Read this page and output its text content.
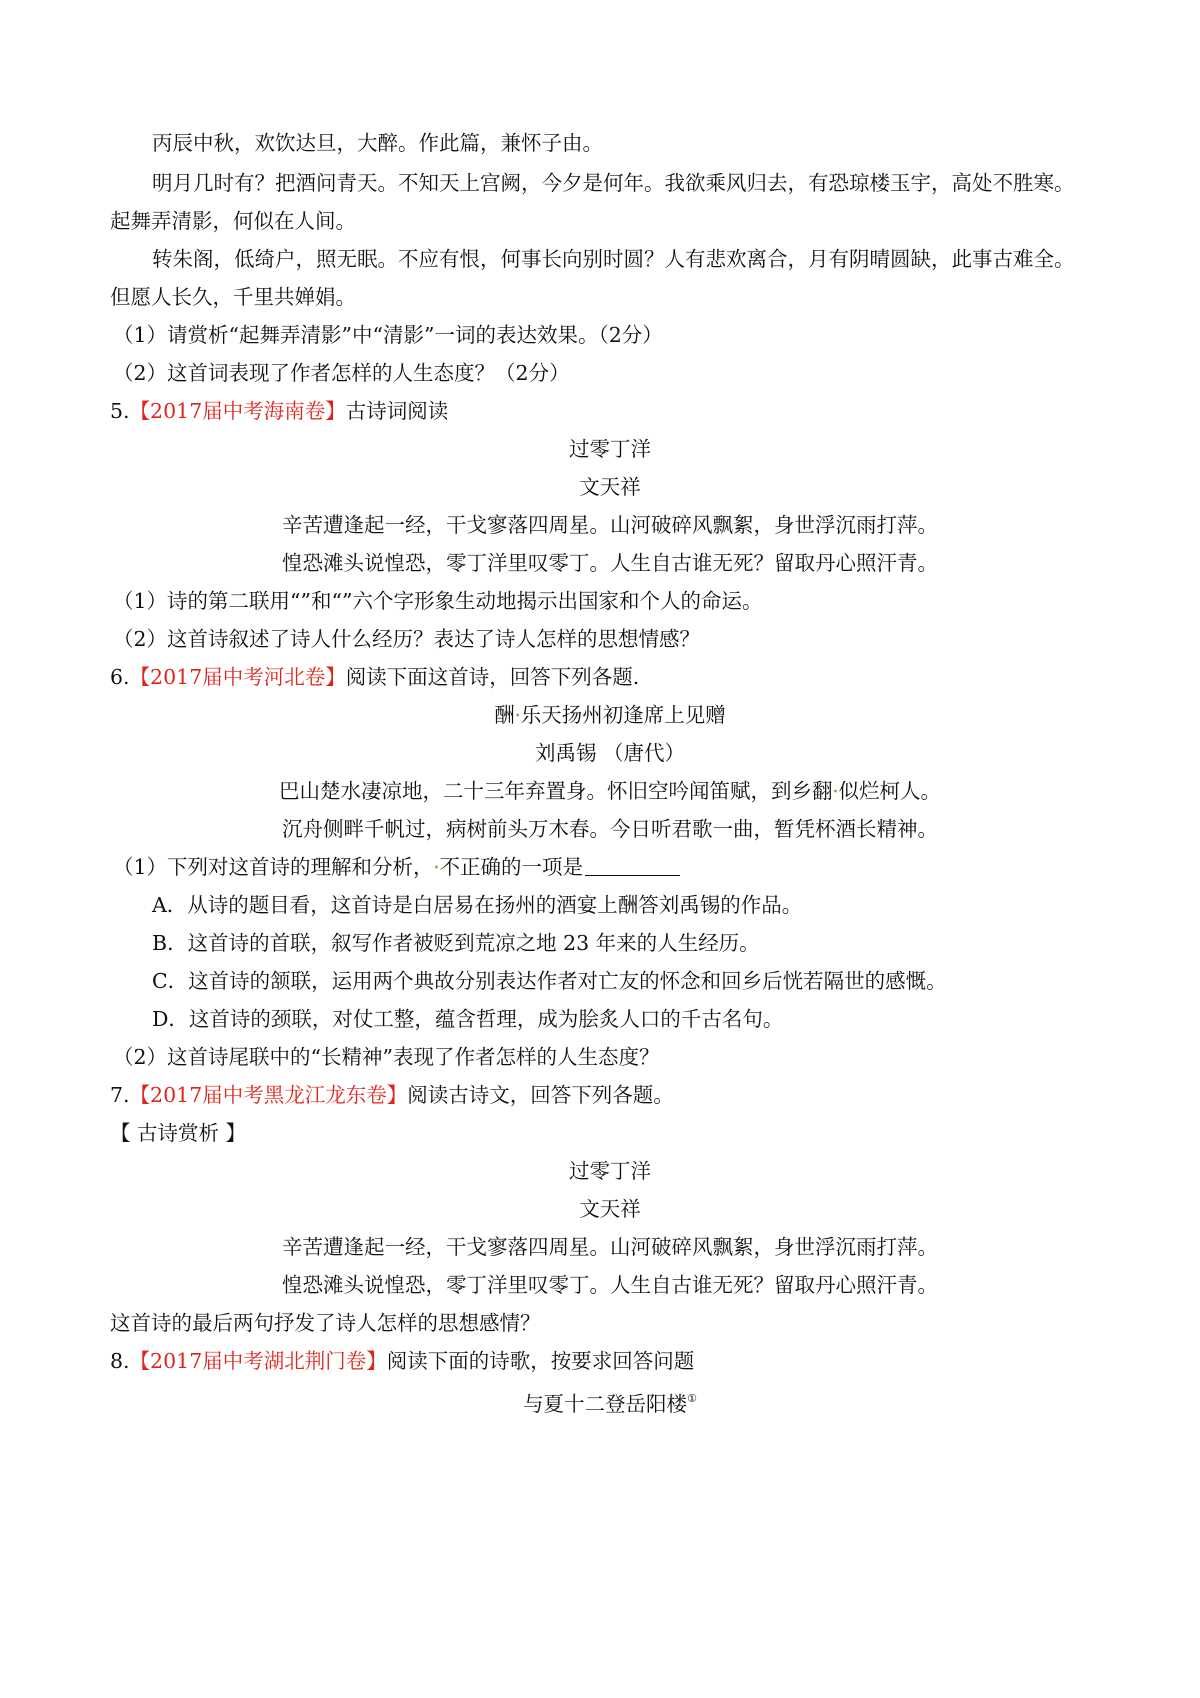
丙辰中秋，欢饮达旦，大醉。作此篇，兼怀子由。

明月几时有？把酒问青天。不知天上宫阙，今夕是何年。我欲乘风归去，有恐琼楼玉宇，高处不胜寒。

起舞弄清影，何似在人间。

转朱阁，低绮户，照无眠。不应有恨，何事长向别时圆？人有悲欢离合，月有阴晴圆缺，此事古难全。

但愿人长久，千里共婵娟。

（1）请赏析“起舞弄清影”中“清影”一词的表达效果。（2分）

（2）这首词表现了作者怎样的人生态度？（2分）

5.【2017届中考海南卷】古诗词阅读

过零丁洋

文天祥

辛苦遭逢起一经，干戈寥落四周星。山河破碎风飘絮，身世浮沉雨打萍。

惶恐滩头说惶恐，零丁洋里叹零丁。人生自古谁无死？留取丹心照汗青。

（1）诗的第二联用“”和“”六个字形象生动地揭示出国家和个人的命运。

（2）这首诗叙述了诗人什么经历？表达了诗人怎样的思想情感？

6.【2017届中考河北卷】阅读下面这首诗，回答下列各题.

酬•乐天扬州初逢席上见赠

刘禹锡 （唐代）

巴山楚水凄凉地，二十三年弃置身。怀旧空吟闻笛赋，到乡翻•似烂柯人。

沉舟侧畔千帆过，病树前头万木春。今日听君歌一曲，暂凭杯酒长精神。

（1）下列对这首诗的理解和分析，•不正确的一项是

A．从诗的题目看，这首诗是白居易在扬州的酒宴上酬答刘禹锡的作品。

B．这首诗的首联，叙写作者被贬到荒凉之地 23 年来的人生经历。

C．这首诗的颔联，运用两个典故分别表达作者对亡友的怀念和回乡后恍若隔世的感慨。

D．这首诗的颈联，对仗工整，蕴含哲理，成为脍炙人口的千古名句。

（2）这首诗尾联中的“长精神”表现了作者怎样的人生态度？

7.【2017届中考黑龙江龙东卷】阅读古诗文，回答下列各题。

【 古诗赏析 】

过零丁洋

文天祥

辛苦遭逢起一经，干戈寥落四周星。山河破碎风飘絮，身世浮沉雨打萍。

惶恐滩头说惶恐，零丁洋里叹零丁。人生自古谁无死？留取丹心照汗青。

这首诗的最后两句抒发了诗人怎样的思想感情？

8.【2017届中考湖北荆门卷】阅读下面的诗歌，按要求回答问题

与夏十二登岳阳楼①
